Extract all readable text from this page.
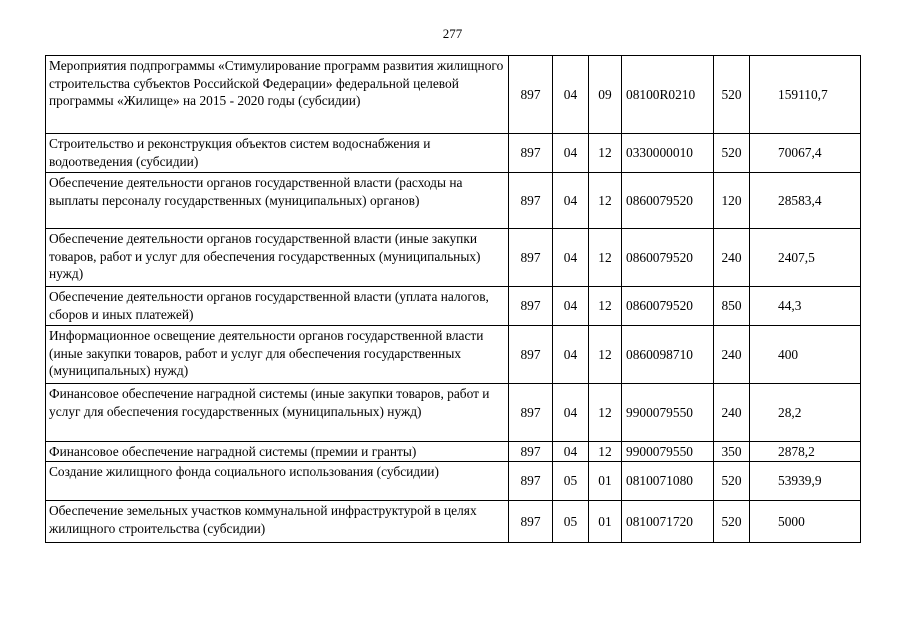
277
Мероприятия подпрограммы «Стимулирование программ развития жилищного строительства субъектов Российской Федерации» федеральной целевой программы «Жилище» на 2015 - 2020 годы (субсидии)	897	04	09	08100R0210	520	159110,7
Строительство и реконструкция объектов систем водоснабжения и водоотведения (субсидии)	897	04	12	0330000010	520	70067,4
Обеспечение деятельности органов государственной власти (расходы на выплаты персоналу государственных (муниципальных) органов)	897	04	12	0860079520	120	28583,4
Обеспечение деятельности органов государственной власти (иные закупки товаров, работ и услуг для обеспечения государственных (муниципальных) нужд)	897	04	12	0860079520	240	2407,5
Обеспечение деятельности органов государственной власти (уплата налогов, сборов и иных платежей)	897	04	12	0860079520	850	44,3
Информационное освещение деятельности органов государственной власти (иные закупки товаров, работ и услуг для обеспечения государственных (муниципальных) нужд)	897	04	12	0860098710	240	400
Финансовое обеспечение наградной системы (иные закупки товаров, работ и услуг для обеспечения государственных (муниципальных) нужд)	897	04	12	9900079550	240	28,2
Финансовое обеспечение наградной системы (премии и гранты)	897	04	12	9900079550	350	2878,2
Создание жилищного фонда социального использования (субсидии)	897	05	01	0810071080	520	53939,9
Обеспечение земельных участков коммунальной инфраструктурой в целях жилищного строительства (субсидии)	897	05	01	0810071720	520	5000
